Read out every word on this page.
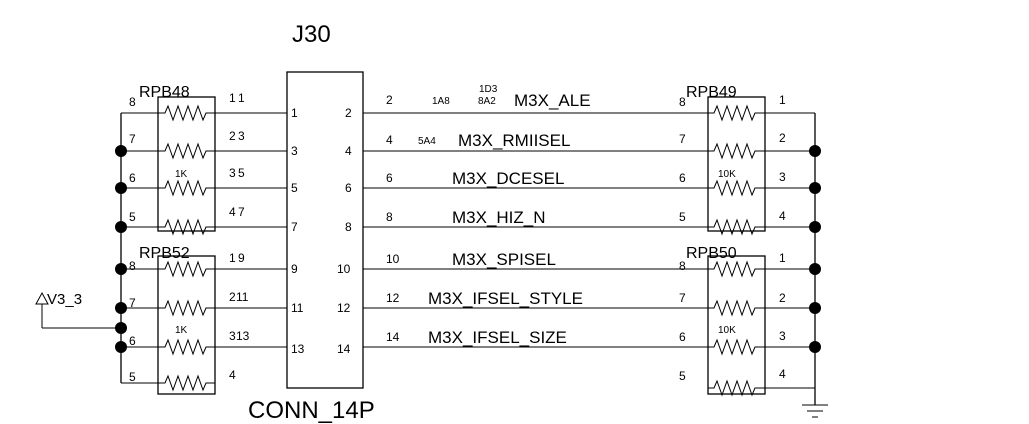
J30
CONN_14P
1
3
5
7
9
11
13
2
4
6
8
10
12
14
1
3
5
7
9
11
13
RPB48
1K
8
7
6
5
1
2
3
4
RPB52
1K
8
7
6
5
1
2
3
4
V3_3
2	1A8
1D3
8A2 M3X_ALE
4	5A4 M3X_RMIISEL
6	M3X_DCESEL
8	M3X_HIZ_N
10	M3X_SPISEL
12 M3X_IFSEL_STYLE
14 M3X_IFSEL_SIZE
RPB49
10K
8
7
6
5
1
2
3
4
RPB50
10K
8
7
6
5
1
2
3
4
